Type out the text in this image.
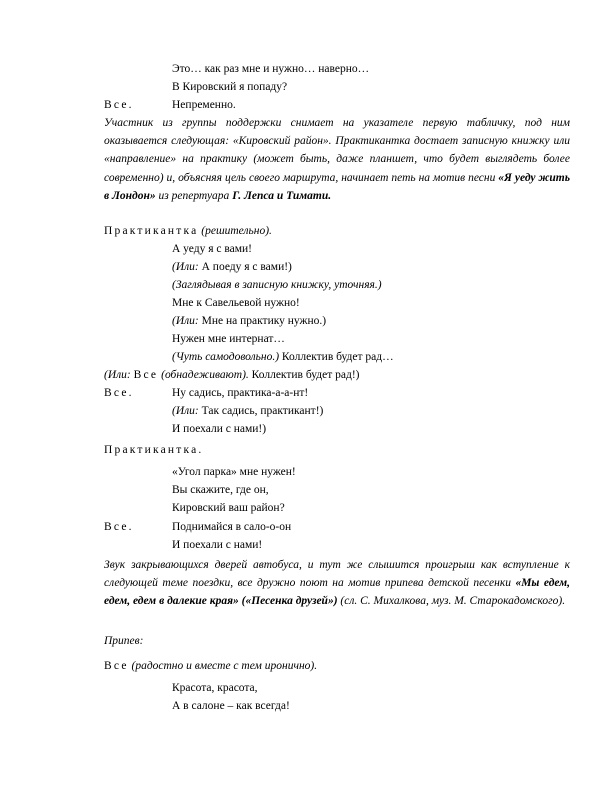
Это… как раз мне и нужно… наверно…
В Кировский я попаду?
Все.	Непременно.
Участник из группы поддержки снимает на указателе первую табличку, под ним оказывается следующая: «Кировский район». Практикантка достает записную книжку или «направление» на практику (может быть, даже планшет, что будет выглядеть более современно) и, объясняя цель своего маршрута, начинает петь на мотив песни «Я уеду жить в Лондон» из репертуара Г. Лепса и Тимати.
Практикантка (решительно).
А уеду я с вами!
(Или: А поеду я с вами!)
(Заглядывая в записную книжку, уточняя.)
Мне к Савельевой нужно!
(Или: Мне на практику нужно.)
Нужен мне интернат…
(Чуть самодовольно.) Коллектив будет рад…
(Или: Все (обнадеживают). Коллектив будет рад!)
Все.	Ну садись, практика-а-а-нт!
(Или: Так садись, практикант!)
И поехали с нами!)
Практикантка.
«Угол парка» мне нужен!
Вы скажите, где он,
Кировский ваш район?
Все.	Поднимайся в сало-о-он
И поехали с нами!
Звук закрывающихся дверей автобуса, и тут же слышится проигрыш как вступление к следующей теме поездки, все дружно поют на мотив припева детской песенки «Мы едем, едем, едем в далекие края» («Песенка друзей») (сл. С. Михалкова, муз. М. Старокадомского).
Припев:
Все (радостно и вместе с тем иронично).
Красота, красота,
А в салоне – как всегда!
